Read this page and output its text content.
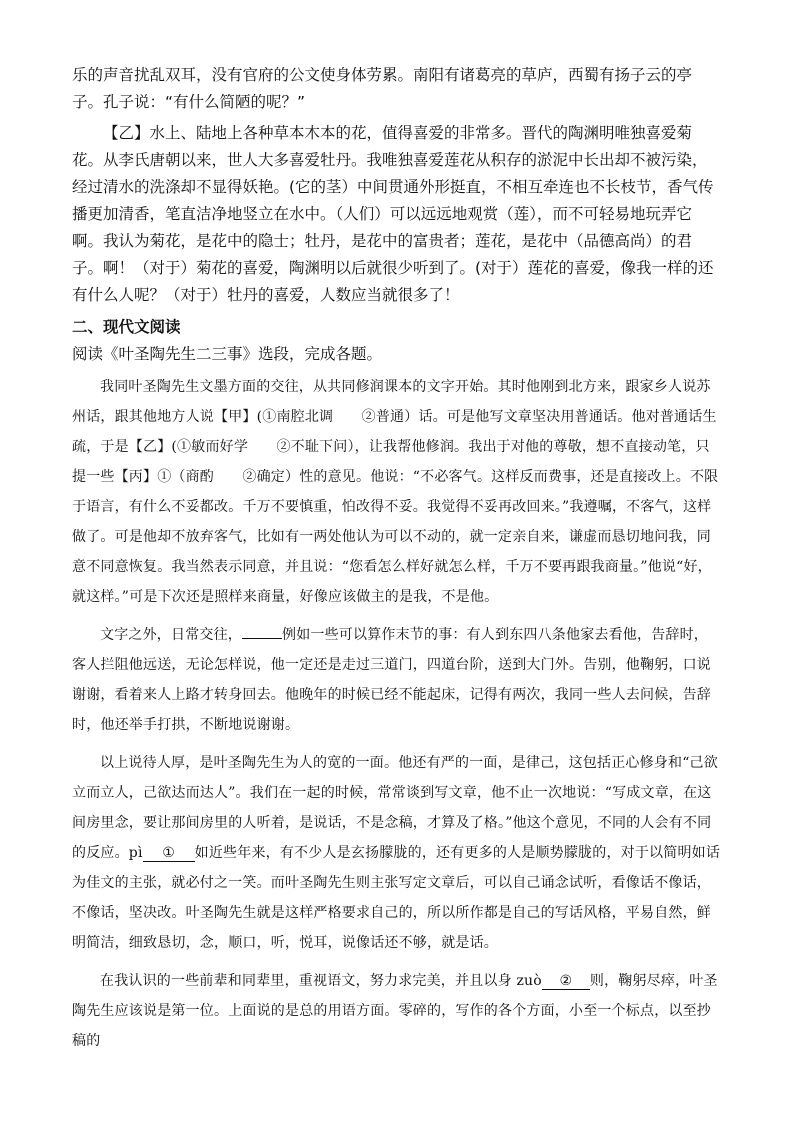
乐的声音扰乱双耳，没有官府的公文使身体劳累。南阳有诸葛亮的草庐，西蜀有扬子云的亭子。孔子说：“有什么简陋的呢？”

【乙】水上、陆地上各种草本木本的花，值得喜爱的非常多。晋代的陶渊明唯独喜爱菊花。从李氏唐朝以来，世人大多喜爱牡丹。我唯独喜爱莲花从积存的淤泥中长出却不被污染，经过清水的洗涤却不显得妖艳。(它的茎）中间贯通外形挺直，不相互牵连也不长枝节，香气传播更加清香，笔直洁净地竖立在水中。（人们）可以远远地观赏（莲），而不可轻易地玩弄它啊。我认为菊花，是花中的隐士；牡丹，是花中的富贵者；莲花，是花中（品德高尚）的君子。啊！（对于）菊花的喜爱，陶渊明以后就很少听到了。(对于）莲花的喜爱，像我一样的还有什么人呢？（对于）牡丹的喜爱，人数应当就很多了！

二、现代文阅读

阅读《叶圣陶先生二三事》选段，完成各题。

我同叶圣陶先生文墨方面的交往，从共同修润课本的文字开始。其时他刚到北方来，跟家乡人说苏州话，跟其他地方人说【甲】(①南腔北调　　②普通）话。可是他写文章坚决用普通话。他对普通话生疏，于是【乙】(①敏而好学　　②不耻下问），让我帮他修润。我出于对他的尊敬，想不直接动笔，只提一些【丙】①（商酌　　②确定）性的意见。他说：“不必客气。这样反而费事，还是直接改上。不限于语言，有什么不妥都改。千万不要慎重，怕改得不妥。我觉得不妥再改回来。”我遵嘱，不客气，这样做了。可是他却不放弃客气，比如有一两处他认为可以不动的，就一定亲自来，谦虚而恳切地问我，同意不同意恢复。我当然表示同意，并且说：“您看怎么样好就怎么样，千万不要再跟我商量。”他说“好，就这样。”可是下次还是照样来商量，好像应该做主的是我，不是他。

文字之外，日常交往，	例如一些可以算作末节的事：有人到东四八条他家去看他，告辞时，客人拦阻他远送，无论怎样说，他一定还是走过三道门，四道台阶，送到大门外。告别，他鞠躬，口说谢谢，看着来人上路才转身回去。他晚年的时候已经不能起床，记得有两次，我同一些人去问候，告辞时，他还举手打拱，不断地说谢谢。

以上说待人厚，是叶圣陶先生为人的宽的一面。他还有严的一面，是律己，这包括正心修身和“己欲立而立人，己欲达而达人”。我们在一起的时候，常常谈到写文章，他不止一次地说：“写成文章，在这间房里念，要让那间房里的人听着，是说话，不是念稿，才算及了格。”他这个意见，不同的人会有不同的反应。pì ① 如近些年来，有不少人是玄扬朦胧的，还有更多的人是顺势朦胧的，对于以简明如话为佳文的主张，就必付之一笑。而叶圣陶先生则主张写定文章后，可以自己诵念试听，看像话不像话，不像话，坚决改。叶圣陶先生就是这样严格要求自己的，所以所作都是自己的写话风格，平易自然，鲜明简洁，细致恳切，念，顺口，听，悦耳，说像话还不够，就是话。

在我认识的一些前辈和同辈里，重视语文，努力求完美，并且以身 zuò ② 则，鞠躬尽瘁，叶圣陶先生应该说是第一位。上面说的是总的用语方面。零碎的，写作的各个方面，小至一个标点，以至抄稿的
